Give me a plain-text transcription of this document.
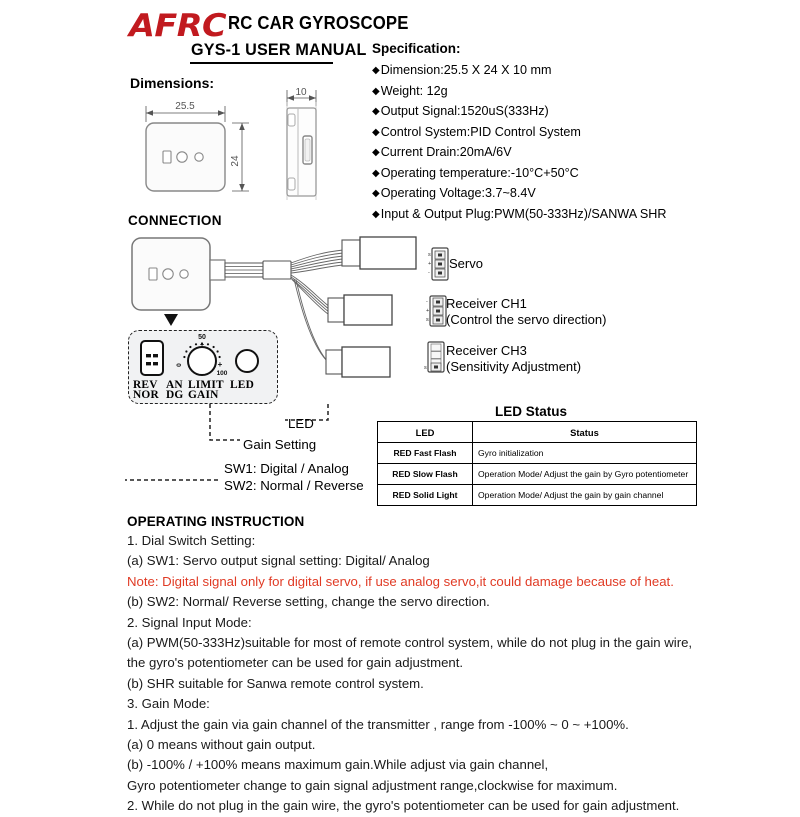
AFRC RC CAR GYROSCOPE
GYS-1 USER MANUAL Specification:
◆Dimension:25.5 X 24 X 10 mm
◆Weight: 12g
◆Output Signal:1520uS(333Hz)
◆Control System:PID Control System
◆Current Drain:20mA/6V
◆Operating temperature:-10°C+50°C
◆Operating Voltage:3.7~8.4V
◆Input & Output Plug:PWM(50-333Hz)/SANWA SHR
Dimensions:
25.5
24
10
CONNECTION
s
+
-
-
+
s
s
Servo
Receiver CH1
(Control the servo direction)
Receiver CH3
(Sensitivity Adjustment)
50
+
0	+
100
REV
NOR
AN
DG
LIMIT
GAIN
LED
LED
Gain Setting
SW1: Digital / Analog
SW2: Normal / Reverse
LED Status
LED	Status
RED Fast Flash	Gyro initialization
RED Slow Flash	Operation Mode/ Adjust the gain by Gyro potentiometer
RED Solid Light	Operation Mode/ Adjust the gain by gain channel
OPERATING INSTRUCTION
1. Dial Switch Setting:
(a) SW1: Servo output signal setting: Digital/ Analog
Note: Digital signal only for digital servo, if use analog servo,it could damage because of heat.
(b) SW2: Normal/ Reverse setting, change the servo direction.
2. Signal Input Mode:
(a) PWM(50-333Hz)suitable for most of remote control system, while do not plug in the gain wire,
the gyro's potentiometer can be used for gain adjustment.
(b) SHR suitable for Sanwa remote control system.
3. Gain Mode:
1. Adjust the gain via gain channel of the transmitter , range from -100% ~ 0 ~ +100%.
(a) 0 means without gain output.
(b) -100% / +100% means maximum gain.While adjust via gain channel,
Gyro potentiometer change to gain signal adjustment range,clockwise for maximum.
2. While do not plug in the gain wire, the gyro's potentiometer can be used for gain adjustment.
